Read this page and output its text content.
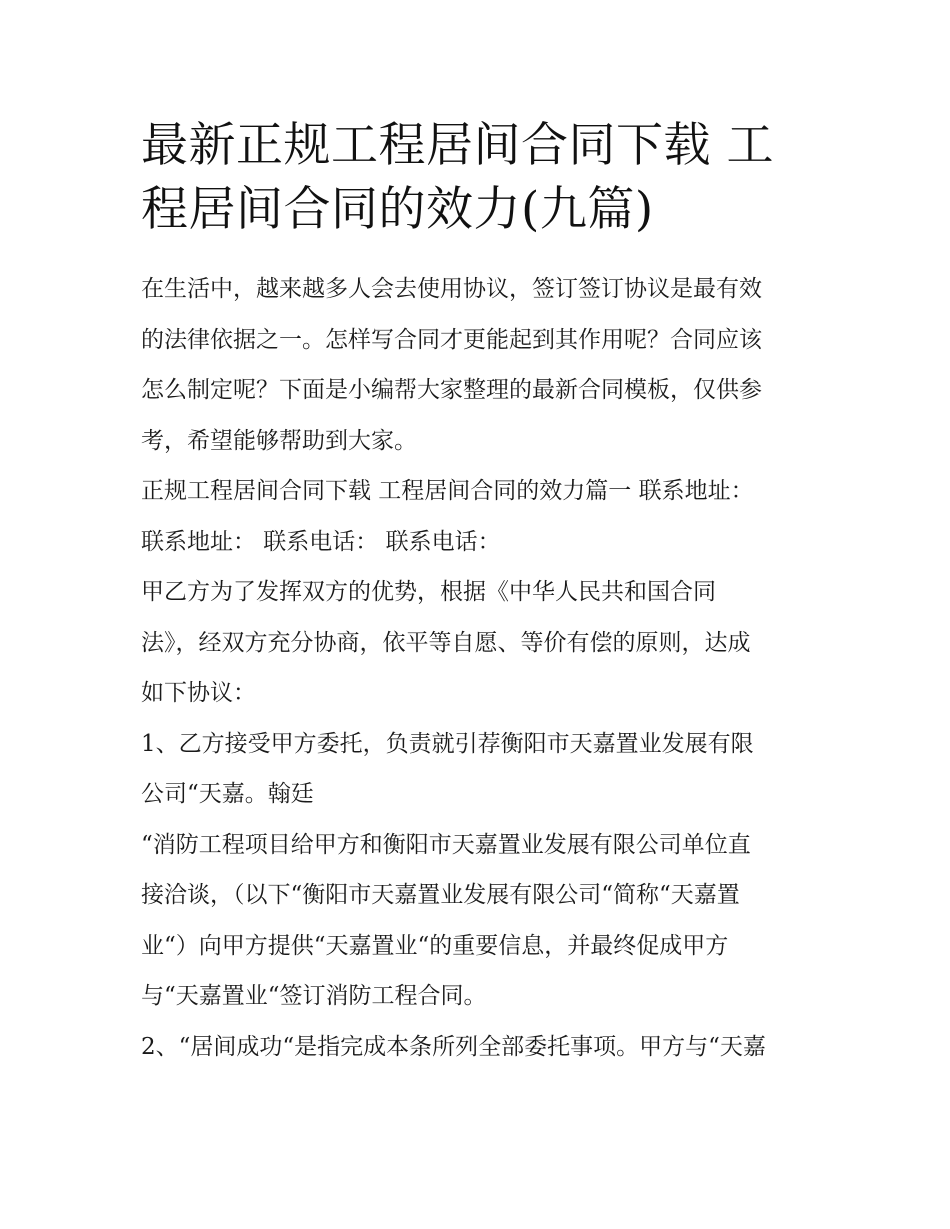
最新正规工程居间合同下载 工
程居间合同的效力(九篇)

在生活中，越来越多人会去使用协议，签订签订协议是最有效
的法律依据之一。怎样写合同才更能起到其作用呢？合同应该
怎么制定呢？下面是小编帮大家整理的最新合同模板，仅供参
考，希望能够帮助到大家。

正规工程居间合同下载 工程居间合同的效力篇一 联系地址：
联系地址： 联系电话： 联系电话：

甲乙方为了发挥双方的优势，根据《中华人民共和国合同
法》，经双方充分协商，依平等自愿、等价有偿的原则，达成
如下协议：

1、乙方接受甲方委托，负责就引荐衡阳市天嘉置业发展有限
公司“天嘉。翰廷

“消防工程项目给甲方和衡阳市天嘉置业发展有限公司单位直
接洽谈，（以下“衡阳市天嘉置业发展有限公司“简称“天嘉置
业“）向甲方提供“天嘉置业“的重要信息，并最终促成甲方
与“天嘉置业“签订消防工程合同。

2、“居间成功“是指完成本条所列全部委托事项。甲方与“天嘉
